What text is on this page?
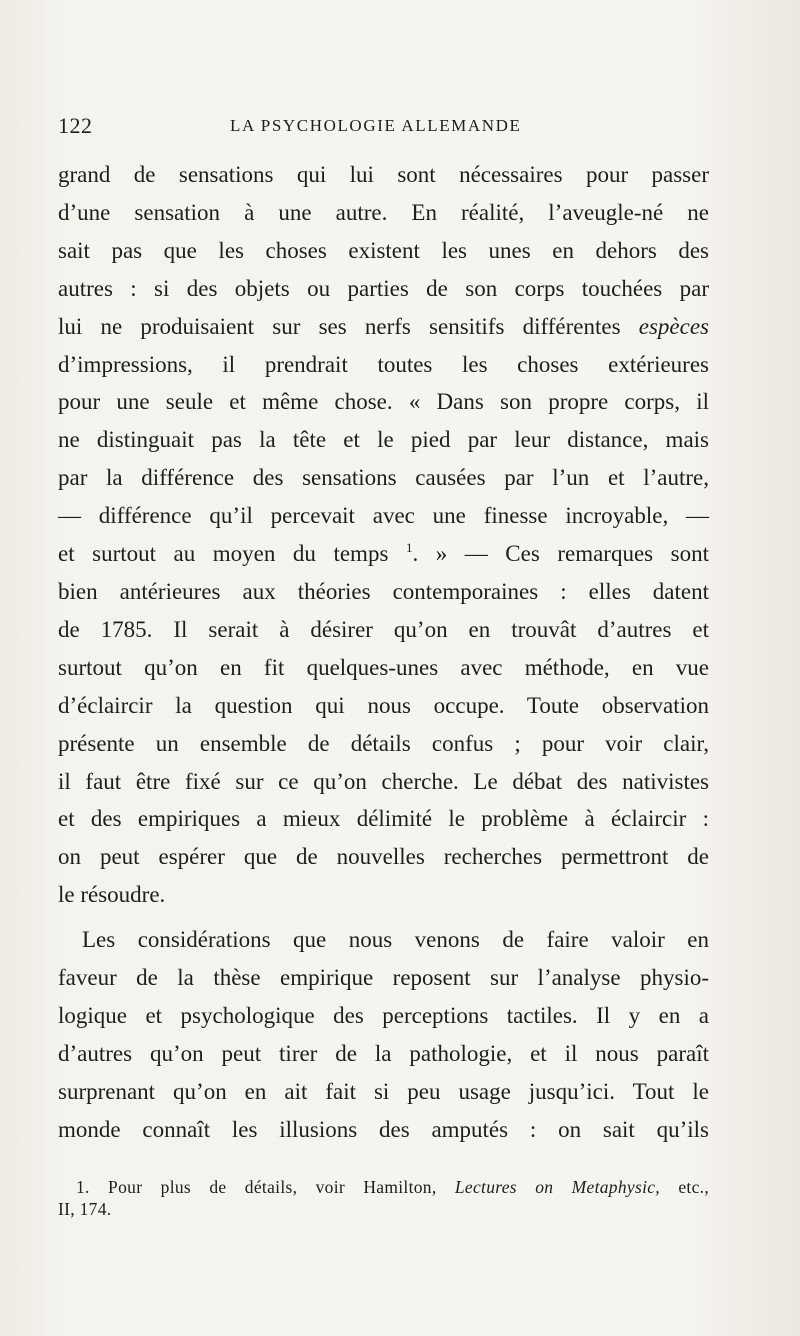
122	LA PSYCHOLOGIE ALLEMANDE
grand de sensations qui lui sont nécessaires pour passer
d’une sensation à une autre. En réalité, l’aveugle-né ne
sait pas que les choses existent les unes en dehors des
autres : si des objets ou parties de son corps touchées par
lui ne produisaient sur ses nerfs sensitifs différentes espèces
d’impressions, il prendrait toutes les choses extérieures
pour une seule et même chose. « Dans son propre corps, il
ne distinguait pas la tête et le pied par leur distance, mais
par la différence des sensations causées par l’un et l’autre,
— différence qu’il percevait avec une finesse incroyable, —
et surtout au moyen du temps $^1$. » — Ces remarques sont
bien antérieures aux théories contemporaines : elles datent
de 1785. Il serait à désirer qu’on en trouvât d’autres et
surtout qu’on en fit quelques-unes avec méthode, en vue
d’éclaircir la question qui nous occupe. Toute observation
présente un ensemble de détails confus ; pour voir clair,
il faut être fixé sur ce qu’on cherche. Le débat des nativistes
et des empiriques a mieux délimité le problème à éclaircir :
on peut espérer que de nouvelles recherches permettront de
le résoudre.
Les considérations que nous venons de faire valoir en
faveur de la thèse empirique reposent sur l’analyse physio-
logique et psychologique des perceptions tactiles. Il y en a
d’autres qu’on peut tirer de la pathologie, et il nous paraît
surprenant qu’on en ait fait si peu usage jusqu’ici. Tout le
monde connaît les illusions des amputés : on sait qu’ils
1. Pour plus de détails, voir Hamilton, Lectures on Metaphysic, etc.,
II, 174.
